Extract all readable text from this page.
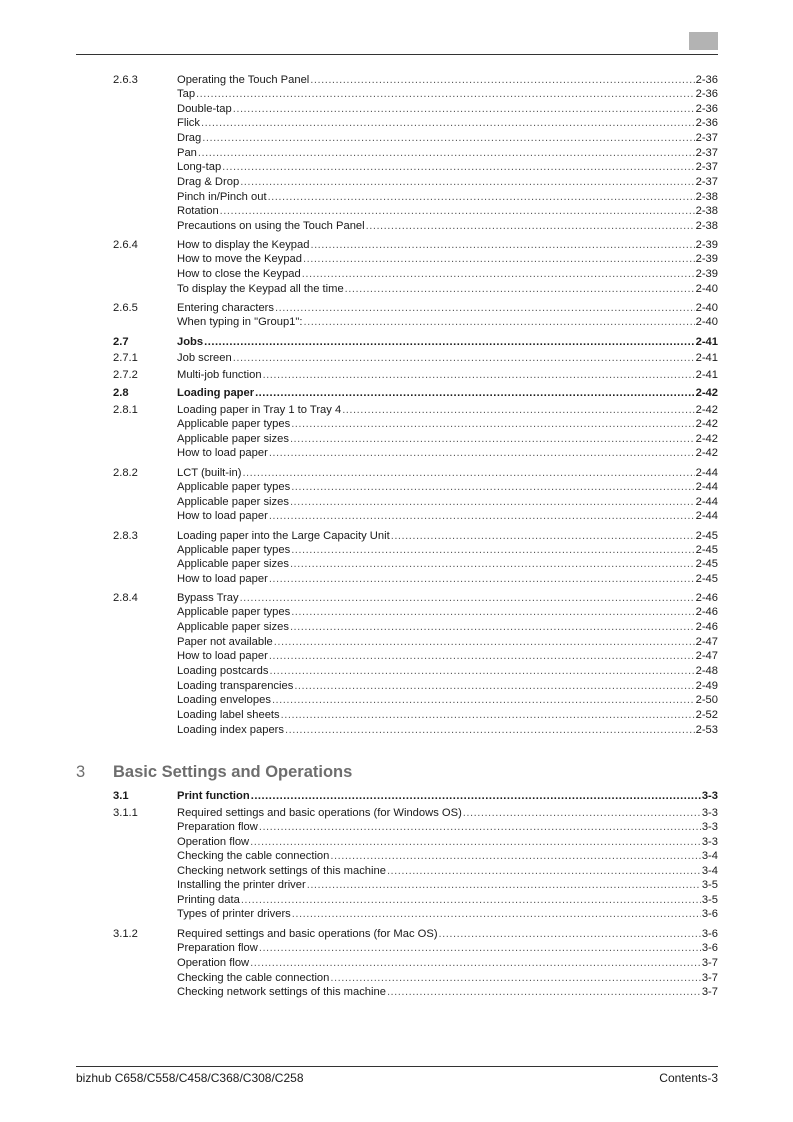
2.6.3	Operating the Touch Panel .....	2-36
Tap .....	2-36
Double-tap .....	2-36
Flick .....	2-36
Drag .....	2-37
Pan .....	2-37
Long-tap .....	2-37
Drag & Drop .....	2-37
Pinch in/Pinch out .....	2-38
Rotation .....	2-38
Precautions on using the Touch Panel .....	2-38
2.6.4	How to display the Keypad .....	2-39
How to move the Keypad .....	2-39
How to close the Keypad .....	2-39
To display the Keypad all the time .....	2-40
2.6.5	Entering characters .....	2-40
When typing in "Group1": .....	2-40
2.7	Jobs .....	2-41
2.7.1	Job screen .....	2-41
2.7.2	Multi-job function .....	2-41
2.8	Loading paper .....	2-42
2.8.1	Loading paper in Tray 1 to Tray 4 .....	2-42
Applicable paper types .....	2-42
Applicable paper sizes .....	2-42
How to load paper .....	2-42
2.8.2	LCT (built-in) .....	2-44
Applicable paper types .....	2-44
Applicable paper sizes .....	2-44
How to load paper .....	2-44
2.8.3	Loading paper into the Large Capacity Unit .....	2-45
Applicable paper types .....	2-45
Applicable paper sizes .....	2-45
How to load paper .....	2-45
2.8.4	Bypass Tray .....	2-46
Applicable paper types .....	2-46
Applicable paper sizes .....	2-46
Paper not available .....	2-47
How to load paper .....	2-47
Loading postcards .....	2-48
Loading transparencies .....	2-49
Loading envelopes .....	2-50
Loading label sheets .....	2-52
Loading index papers .....	2-53
3.1	Print function .....	3-3
3.1.1	Required settings and basic operations (for Windows OS) .....	3-3
Preparation flow .....	3-3
Operation flow .....	3-3
Checking the cable connection .....	3-4
Checking network settings of this machine .....	3-4
Installing the printer driver .....	3-5
Printing data .....	3-5
Types of printer drivers .....	3-6
3.1.2	Required settings and basic operations (for Mac OS) .....	3-6
Preparation flow .....	3-6
Operation flow .....	3-7
Checking the cable connection .....	3-7
Checking network settings of this machine .....	3-7
3 Basic Settings and Operations
bizhub C658/C558/C458/C368/C308/C258	Contents-3
